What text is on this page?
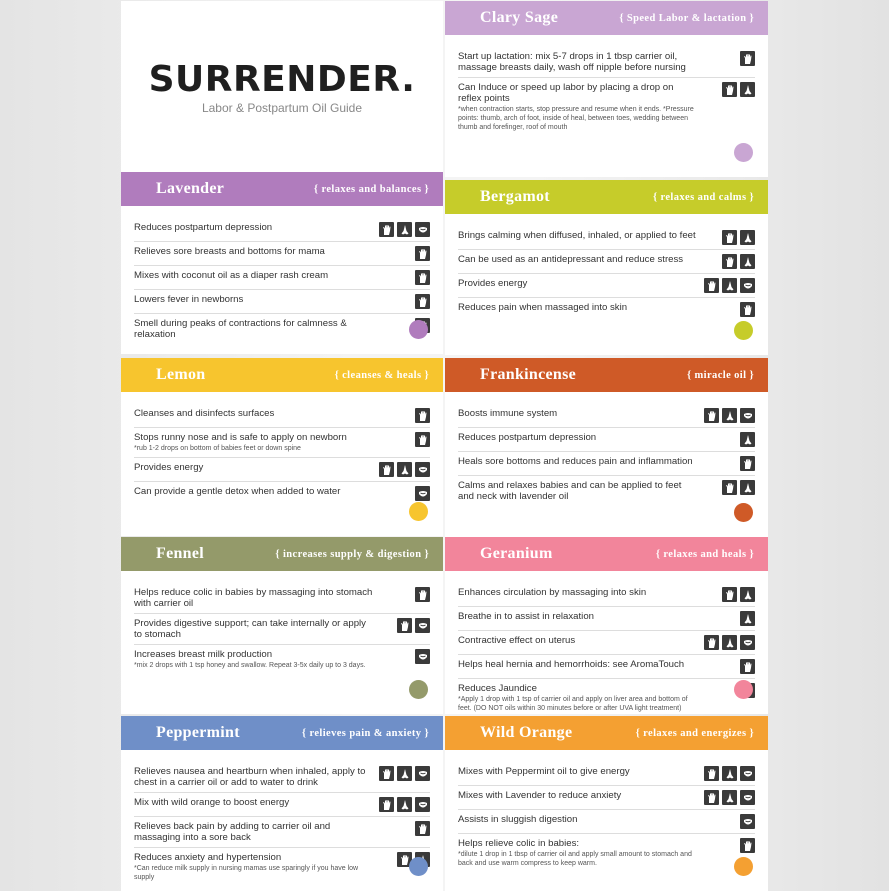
SURRENDER.
Labor & Postpartum Oil Guide
Clary Sage	{ Speed Labor & lactation }
Start up lactation: mix 5-7 drops in 1 tbsp carrier oil, massage breasts daily, wash off nipple before nursing
Can Induce or speed up labor by placing a drop on reflex points
*when contraction starts, stop pressure and resume when it ends. *Pressure points: thumb, arch of foot, inside of heal, between toes, wedding between thumb and forefinger, roof of mouth
Lavender	{ relaxes and balances }
Reduces postpartum depression
Relieves sore breasts and bottoms for mama
Mixes with coconut oil as a diaper rash cream
Lowers fever in newborns
Smell during peaks of contractions for calmness & relaxation
Bergamot	{ relaxes and calms }
Brings calming when diffused, inhaled, or applied to feet
Can be used as an antidepressant and reduce stress
Provides energy
Reduces pain when massaged into skin
Lemon	{ cleanses & heals }
Cleanses and disinfects surfaces
Stops runny nose and is safe to apply on newborn
*rub 1-2 drops on bottom of babies feet or down spine
Provides energy
Can provide a gentle detox when added to water
Frankincense	{ miracle oil }
Boosts immune system
Reduces postpartum depression
Heals sore bottoms and reduces pain and inflammation
Calms and relaxes babies and can be applied to feet and neck with lavender oil
Fennel	{ increases supply & digestion }
Helps reduce colic in babies by massaging into stomach with carrier oil
Provides digestive support; can take internally or apply to stomach
Increases breast milk production
*mix 2 drops with 1 tsp honey and swallow. Repeat 3-5x daily up to 3 days.
Geranium	{ relaxes and heals }
Enhances circulation by massaging into skin
Breathe in to assist in relaxation
Contractive effect on uterus
Helps heal hernia and hemorrhoids: see AromaTouch
Reduces Jaundice
*Apply 1 drop with 1 tsp of carrier oil and apply on liver area and bottom of feet. (DO NOT oils within 30 minutes before or after UVA light treatment)
Peppermint	{ relieves pain & anxiety }
Relieves nausea and heartburn when inhaled, apply to chest in a carrier oil or add to water to drink
Mix with wild orange to boost energy
Relieves back pain by adding to carrier oil and massaging into a sore back
Reduces anxiety and hypertension
*Can reduce milk supply in nursing mamas use sparingly if you have low supply
Wild Orange	{ relaxes and energizes }
Mixes with Peppermint oil to give energy
Mixes with Lavender to reduce anxiety
Assists in sluggish digestion
Helps relieve colic in babies:
*dilute 1 drop in 1 tbsp of carrier oil and apply small amount to stomach and back and use warm compress to keep warm.
